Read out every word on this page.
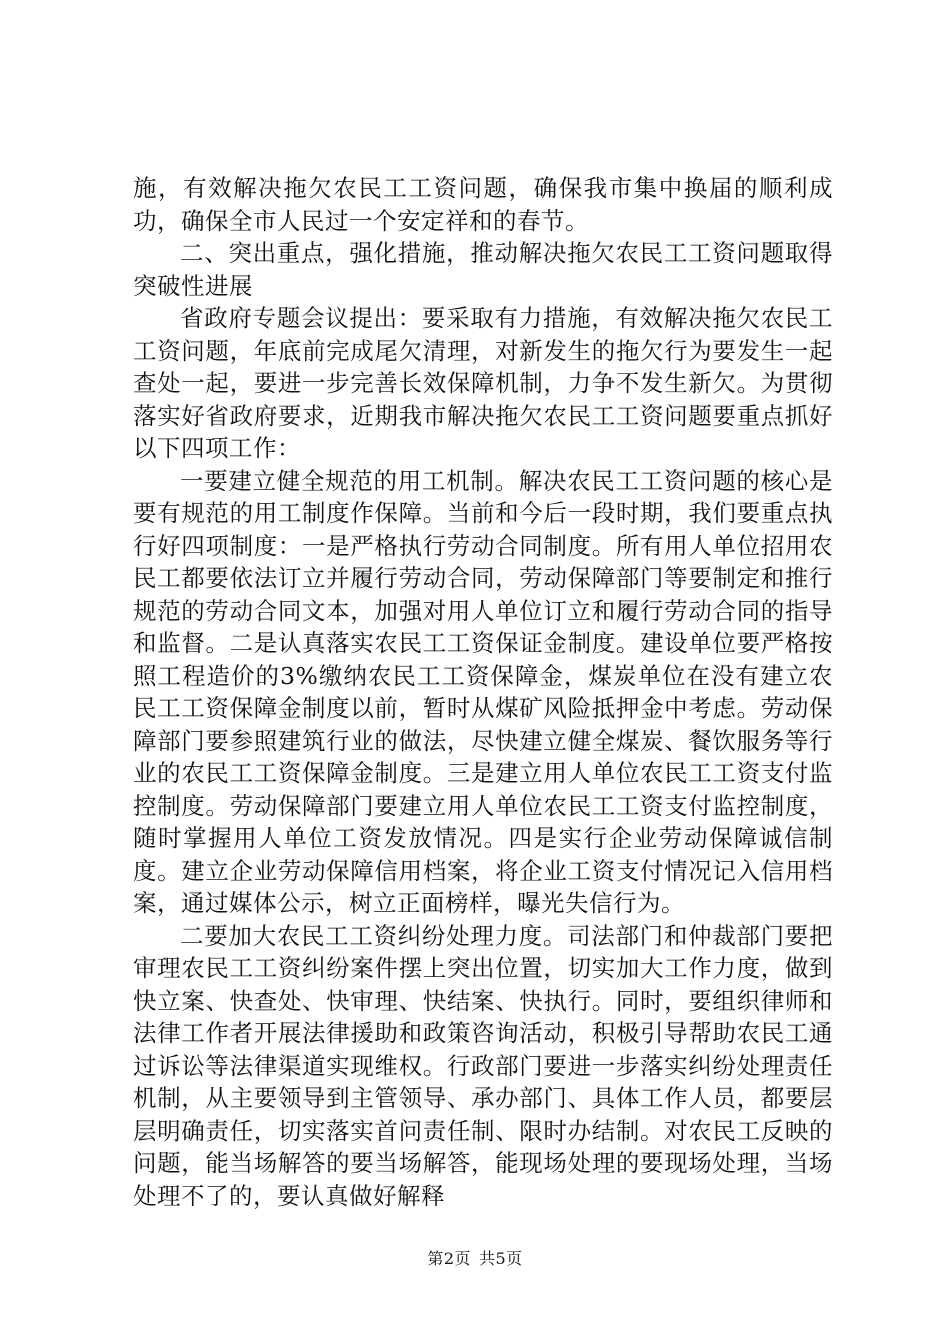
施，有效解决拖欠农民工工资问题，确保我市集中换届的顺利成功，确保全市人民过一个安定祥和的春节。

二、突出重点，强化措施，推动解决拖欠农民工工资问题取得突破性进展

省政府专题会议提出：要采取有力措施，有效解决拖欠农民工工资问题，年底前完成尾欠清理，对新发生的拖欠行为要发生一起查处一起，要进一步完善长效保障机制，力争不发生新欠。为贯彻落实好省政府要求，近期我市解决拖欠农民工工资问题要重点抓好以下四项工作：

一要建立健全规范的用工机制。解决农民工工资问题的核心是要有规范的用工制度作保障。当前和今后一段时期，我们要重点执行好四项制度：一是严格执行劳动合同制度。所有用人单位招用农民工都要依法订立并履行劳动合同，劳动保障部门等要制定和推行规范的劳动合同文本，加强对用人单位订立和履行劳动合同的指导和监督。二是认真落实农民工工资保证金制度。建设单位要严格按照工程造价的3%缴纳农民工工资保障金，煤炭单位在没有建立农民工工资保障金制度以前，暂时从煤矿风险抵押金中考虑。劳动保障部门要参照建筑行业的做法，尽快建立健全煤炭、餐饮服务等行业的农民工工资保障金制度。三是建立用人单位农民工工资支付监控制度。劳动保障部门要建立用人单位农民工工资支付监控制度，随时掌握用人单位工资发放情况。四是实行企业劳动保障诚信制度。建立企业劳动保障信用档案，将企业工资支付情况记入信用档案，通过媒体公示，树立正面榜样，曝光失信行为。

二要加大农民工工资纠纷处理力度。司法部门和仲裁部门要把审理农民工工资纠纷案件摆上突出位置，切实加大工作力度，做到快立案、快查处、快审理、快结案、快执行。同时，要组织律师和法律工作者开展法律援助和政策咨询活动，积极引导帮助农民工通过诉讼等法律渠道实现维权。行政部门要进一步落实纠纷处理责任机制，从主要领导到主管领导、承办部门、具体工作人员，都要层层明确责任，切实落实首问责任制、限时办结制。对农民工反映的问题，能当场解答的要当场解答，能现场处理的要现场处理，当场处理不了的，要认真做好解释

第2页 共5页
